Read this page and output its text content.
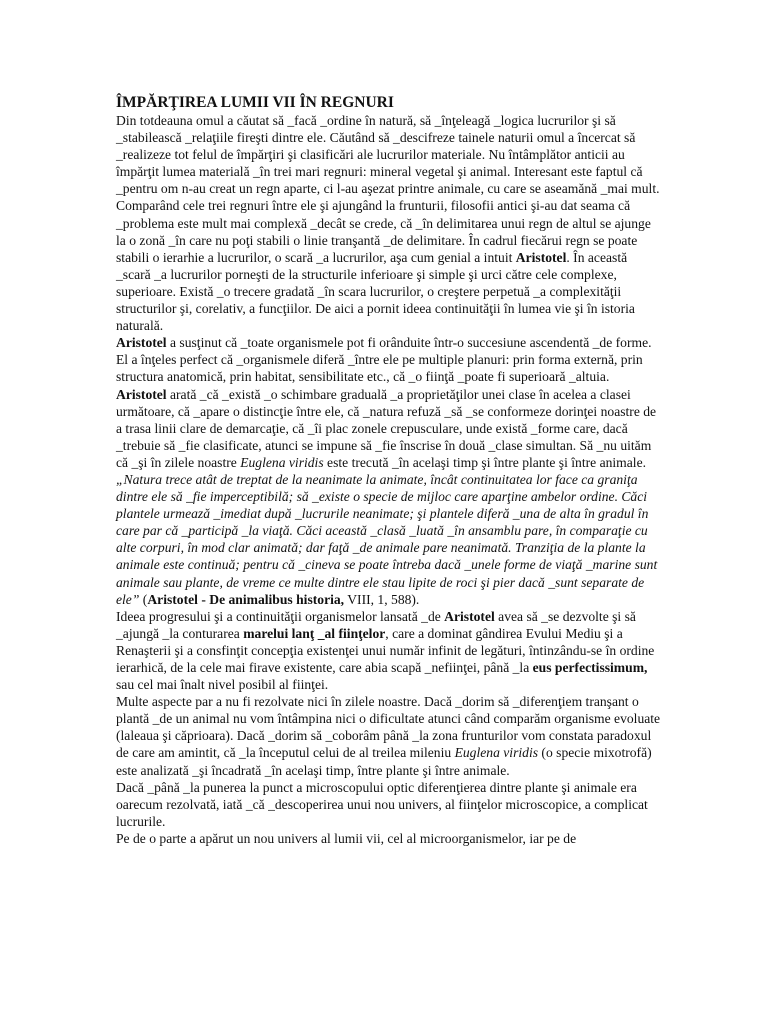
ÎMPĂRŢIREA LUMII VII ÎN REGNURI

Din totdeauna omul a căutat să _facă _ordine în natură, să _înţeleagă _logica lucrurilor şi să _stabilească _relaţiile fireşti dintre ele. Căutând să _descifreze tainele naturii omul a încercat să _realizeze tot felul de împărţiri şi clasificări ale lucrurilor materiale. Nu întâmplător anticii au împărţit lumea materială _în trei mari regnuri: mineral vegetal şi animal. Interesant este faptul că _pentru om n-au creat un regn aparte, ci l-au aşezat printre animale, cu care se aseamănă _mai mult. Comparând cele trei regnuri între ele şi ajungând la frunturii, filosofii antici şi-au dat seama că _problema este mult mai complexă _decât se crede, că _în delimitarea unui regn de altul se ajunge la o zonă _în care nu poţi stabili o linie tranşantă _de delimitare. În cadrul fiecărui regn se poate stabili o ierarhie a lucrurilor, o scară _a lucrurilor, aşa cum genial a intuit Aristotel. În această _scară _a lucrurilor porneşti de la structurile inferioare şi simple şi urci către cele complexe, superioare. Există _o trecere gradată _în scara lucrurilor, o creştere perpetuă _a complexităţii structurilor şi, corelativ, a funcţiilor. De aici a pornit ideea continuităţii în lumea vie şi în istoria naturală.

Aristotel a susţinut că _toate organismele pot fi orânduite într-o succesiune ascendentă _de forme. El a înţeles perfect că _organismele diferă _între ele pe multiple planuri: prin forma externă, prin structura anatomică, prin habitat, sensibilitate etc., că _o fiinţă _poate fi superioară _altuia. Aristotel arată _că _există _o schimbare graduală _a proprietăţilor unei clase în acelea a clasei următoare, că _apare o distincţie între ele, că _natura refuză _să _se conformeze dorinţei noastre de a trasa linii clare de demarcaţie, că _îi plac zonele crepusculare, unde există _forme care, dacă _trebuie să _fie clasificate, atunci se impune să _fie înscrise în două _clase simultan. Să _nu uităm că _şi în zilele noastre Euglena viridis este trecută _în acelaşi timp şi între plante şi între animale.

„Natura trece atât de treptat de la neanimate la animate, încât continuitatea lor face ca graniţa dintre ele să _fie imperceptibilă; să _existe o specie de mijloc care aparţine ambelor ordine. Căci plantele urmează _imediat după _lucrurile neanimate; şi plantele diferă _una de alta în gradul în care par că _participă _la viaţă. Căci această _clasă _luată _în ansamblu pare, în comparaţie cu alte corpuri, în mod clar animată; dar faţă _de animale pare neanimată. Tranziţia de la plante la animale este continuă; pentru că _cineva se poate întreba dacă _unele forme de viaţă _marine sunt animale sau plante, de vreme ce multe dintre ele stau lipite de roci şi pier dacă _sunt separate de ele” (Aristotel - De animalibus historia, VIII, 1, 588).

Ideea progresului şi a continuităţii organismelor lansată _de Aristotel avea să _se dezvolte şi să _ajungă _la conturarea marelui lanţ _al fiinţelor, care a dominat gândirea Evului Mediu şi a Renaşterii şi a consfinţit concepţia existenţei unui număr infinit de legături, întinzându-se în ordine ierarhică, de la cele mai firave existente, care abia scapă _nefiinţei, până _la eus perfectissimum, sau cel mai înalt nivel posibil al fiinţei.

Multe aspecte par a nu fi rezolvate nici în zilele noastre. Dacă _dorim să _diferenţiem tranşant o plantă _de un animal nu vom întâmpina nici o dificultate atunci când comparăm organisme evoluate (laleaua şi căprioara). Dacă _dorim să _coborâm până _la zona frunturilor vom constata paradoxul de care am amintit, că _la începutul celui de al treilea mileniu Euglena viridis (o specie mixotrofă) este analizată _şi încadrată _în acelaşi timp, între plante şi între animale.

Dacă _până _la punerea la punct a microscopului optic diferenţierea dintre plante şi animale era oarecum rezolvată, iată _că _descoperirea unui nou univers, al fiinţelor microscopice, a complicat lucrurile.

Pe de o parte a apărut un nou univers al lumii vii, cel al microorganismelor, iar pe de
